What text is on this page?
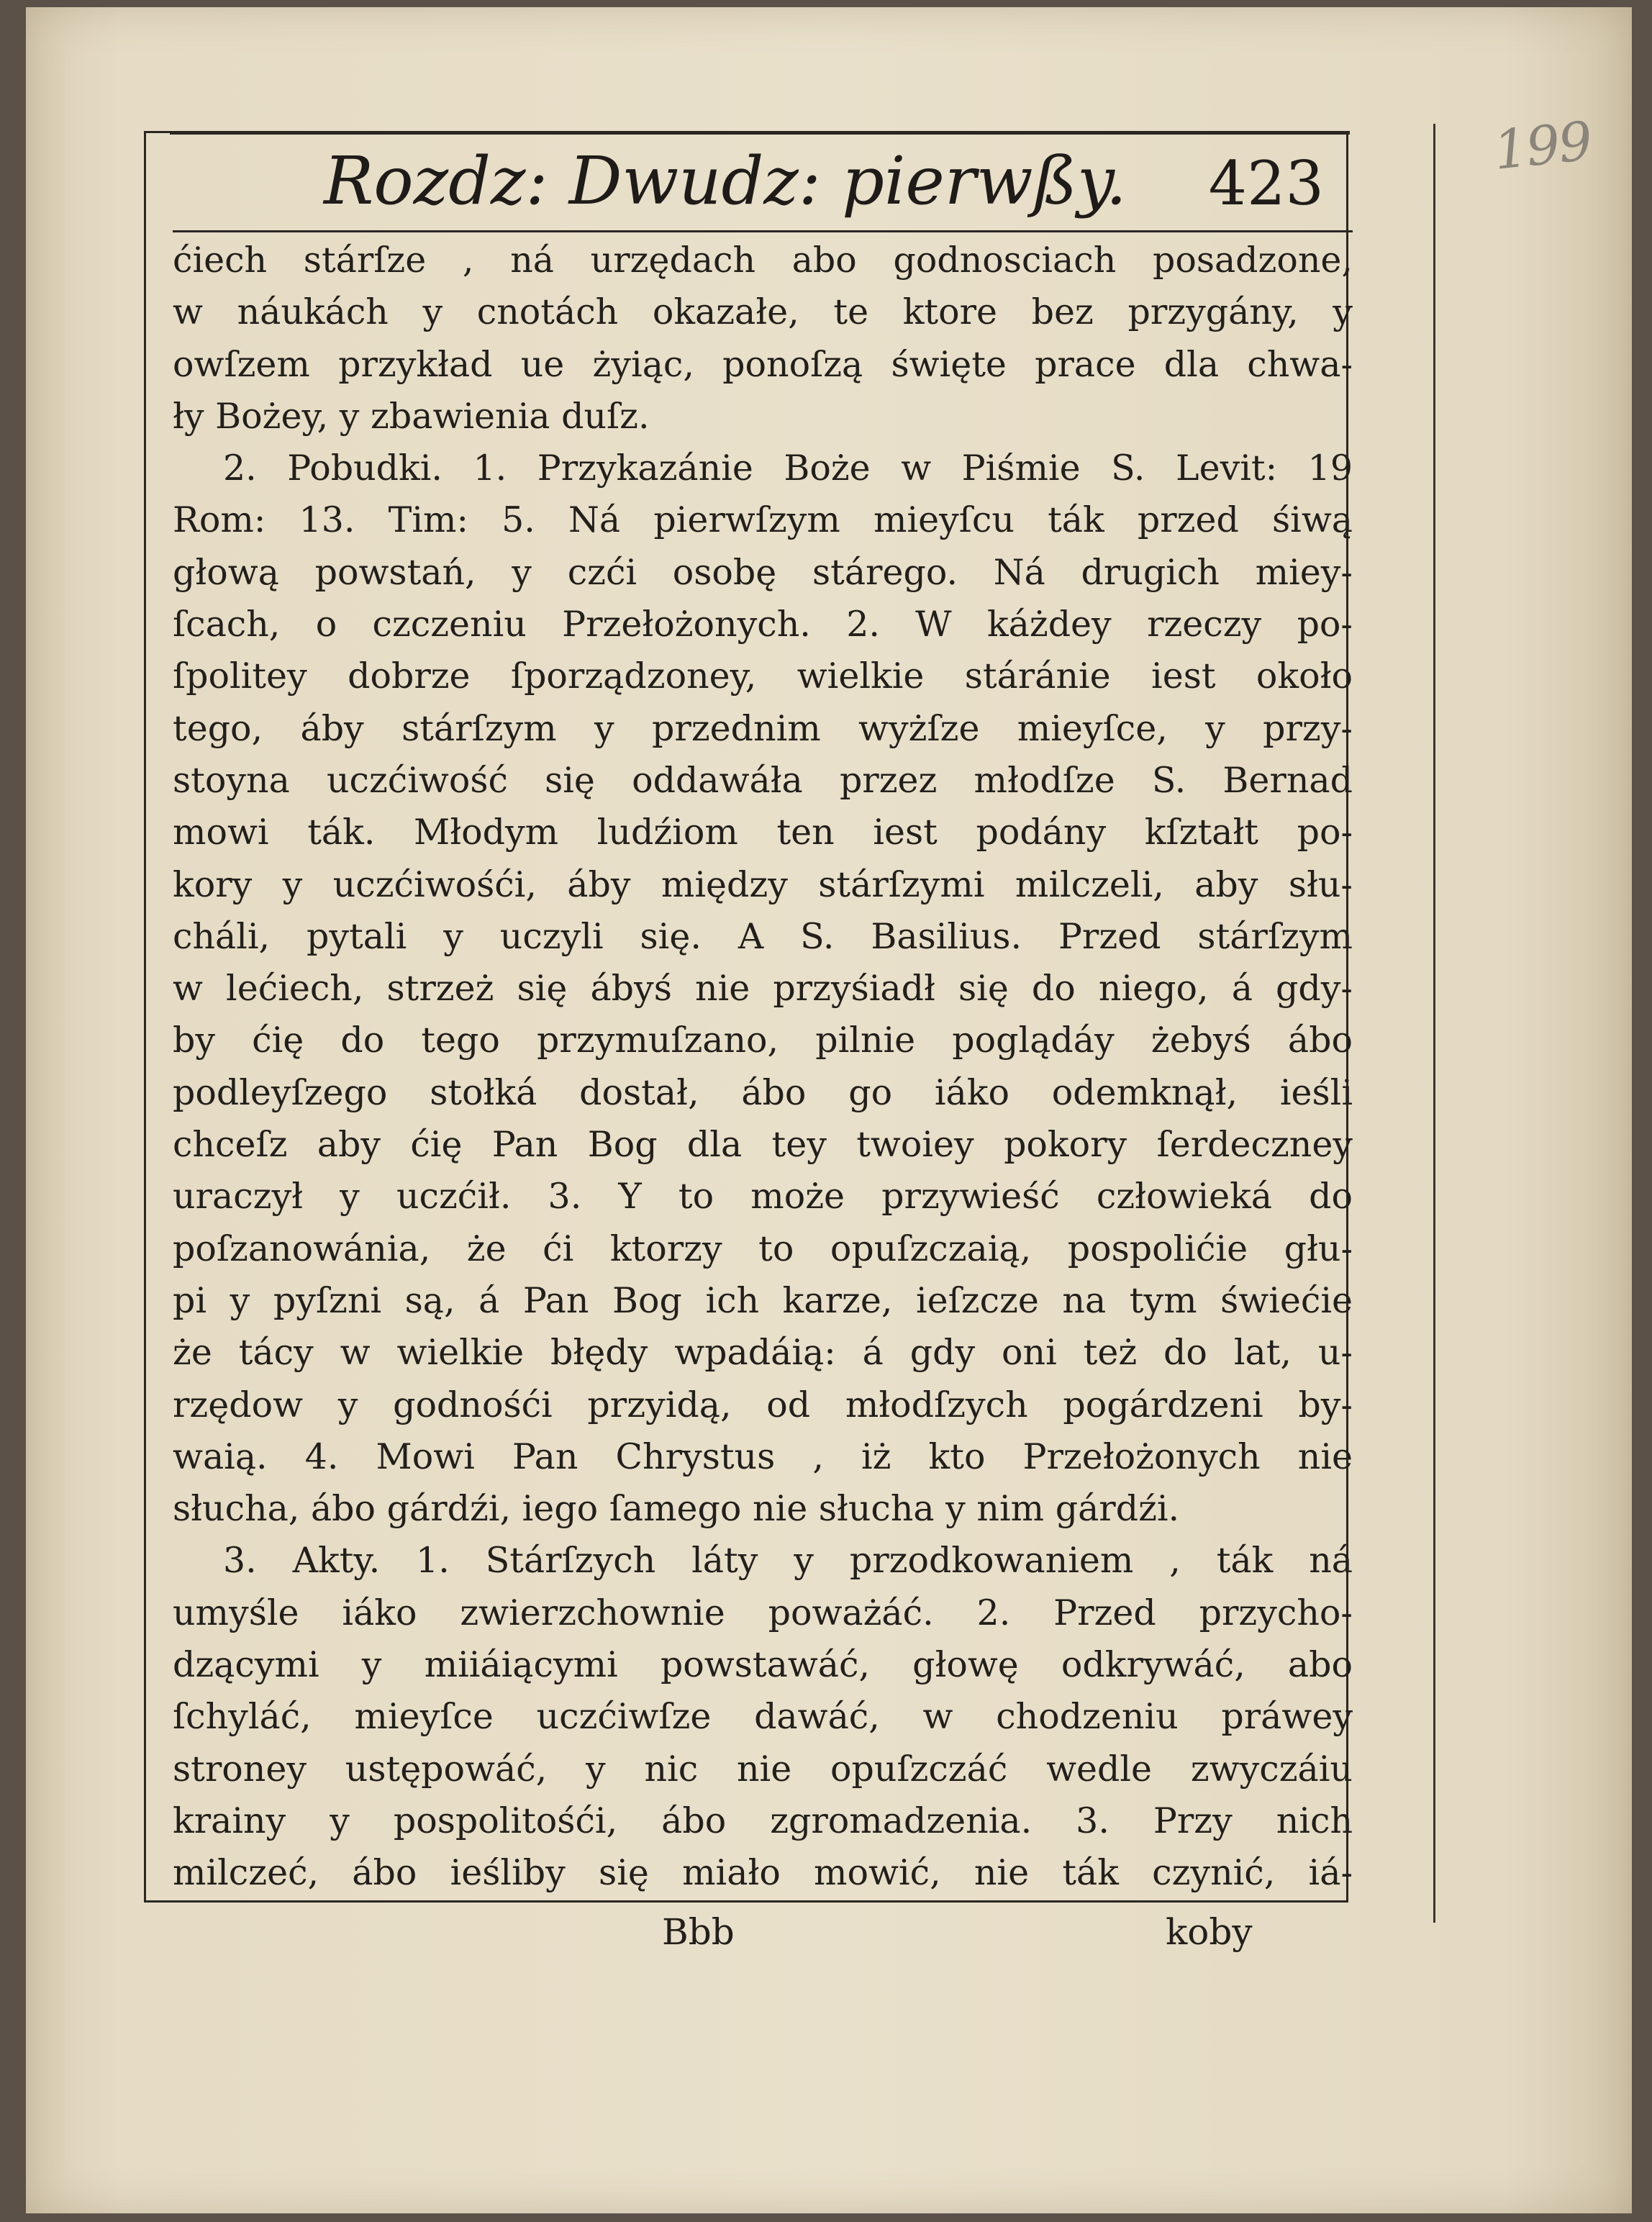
199
Rozdz: Dwudz: pierwßy. 423
ćiech stárſze , ná urzędach abo godnosciach posadzone,
w náukách y cnotách okazałe, te ktore bez przygány, y
owſzem przykład ue żyiąc, ponoſzą święte prace dla chwa-
ły Bożey, y zbawienia duſz.
2. Pobudki. 1. Przykazánie Boże w Piśmie S. Levit: 19
Rom: 13. Tim: 5. Ná pierwſzym mieyſcu ták przed śiwą
głową powstań, y czći osobę stárego. Ná drugich miey-
ſcach, o czczeniu Przełożonych. 2. W káżdey rzeczy po-
ſpolitey dobrze ſporządzoney, wielkie stáránie iest około
tego, áby stárſzym y przednim wyżſze mieyſce, y przy-
stoyna uczćiwość się oddawáła przez młodſze S. Bernad
mowi ták. Młodym ludźiom ten iest podány kſztałt po-
kory y uczćiwośći, áby między stárſzymi milczeli, aby słu-
cháli, pytali y uczyli się. A S. Basilius. Przed stárſzym
w lećiech, strzeż się ábyś nie przyśiadł się do niego, á gdy-
by ćię do tego przymuſzano, pilnie poglądáy żebyś ábo
podleyſzego stołká dostał, ábo go iáko odemknął, ieśli
chceſz aby ćię Pan Bog dla tey twoiey pokory ſerdeczney
uraczył y uczćił. 3. Y to może przywieść człowieká do
poſzanowánia, że ći ktorzy to opuſzczaią, pospolićie głu-
pi y pyſzni są, á Pan Bog ich karze, ieſzcze na tym świećie
że tácy w wielkie błędy wpadáią: á gdy oni też do lat, u-
rzędow y godnośći przyidą, od młodſzych pogárdzeni by-
waią. 4. Mowi Pan Chrystus , iż kto Przełożonych nie
słucha, ábo gárdźi, iego ſamego nie słucha y nim gárdźi.
3. Akty. 1. Stárſzych láty y przodkowaniem , ták ná
umyśle iáko zwierzchownie poważáć. 2. Przed przycho-
dzącymi y miiáiącymi powstawáć, głowę odkrywáć, abo
ſchyláć, mieyſce uczćiwſze dawáć, w chodzeniu práwey
stroney ustępowáć, y nic nie opuſzczáć wedle zwyczáiu
krainy y pospolitośći, ábo zgromadzenia. 3. Przy nich
milczeć, ábo ieśliby się miało mowić, nie ták czynić, iá-
Bbb	koby
